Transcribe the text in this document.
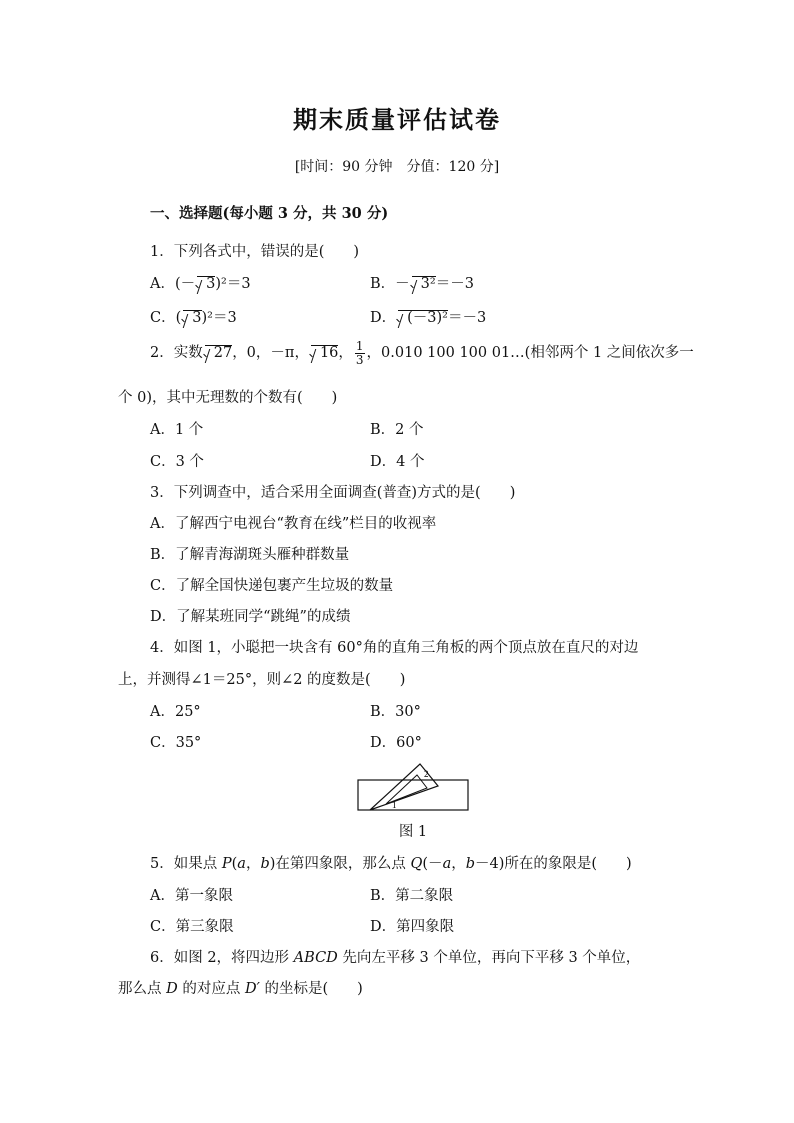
期末质量评估试卷
[时间：90 分钟　分值：120 分]
一、选择题(每小题 3 分，共 30 分)
1．下列各式中，错误的是(　　)
A．(－ 3)²＝3	B．－ 3²＝－3
C．( 3)²＝3	D． (－3)²＝－3
2．实数 27，0，－π， 16， $\frac{1}{3}$ ，0.010 100 100 01…(相邻两个 1 之间依次多一
个 0)，其中无理数的个数有(　　)
A．1 个	B．2 个
C．3 个	D．4 个
3．下列调查中，适合采用全面调查(普查)方式的是(　　)
A．了解西宁电视台“教育在线”栏目的收视率
B．了解青海湖斑头雁种群数量
C．了解全国快递包裹产生垃圾的数量
D．了解某班同学“跳绳”的成绩
4．如图 1，小聪把一块含有 60°角的直角三角板的两个顶点放在直尺的对边
上，并测得∠1＝25°，则∠2 的度数是(　　)
A．25°	B．30°
C．35°	D．60°
1
2
图 1
5．如果点 P(a，b)在第四象限，那么点 Q(－a，b－4)所在的象限是(　　)
A．第一象限	B．第二象限
C．第三象限	D．第四象限
6．如图 2，将四边形 ABCD 先向左平移 3 个单位，再向下平移 3 个单位，
那么点 D 的对应点 D′ 的坐标是(　　)
